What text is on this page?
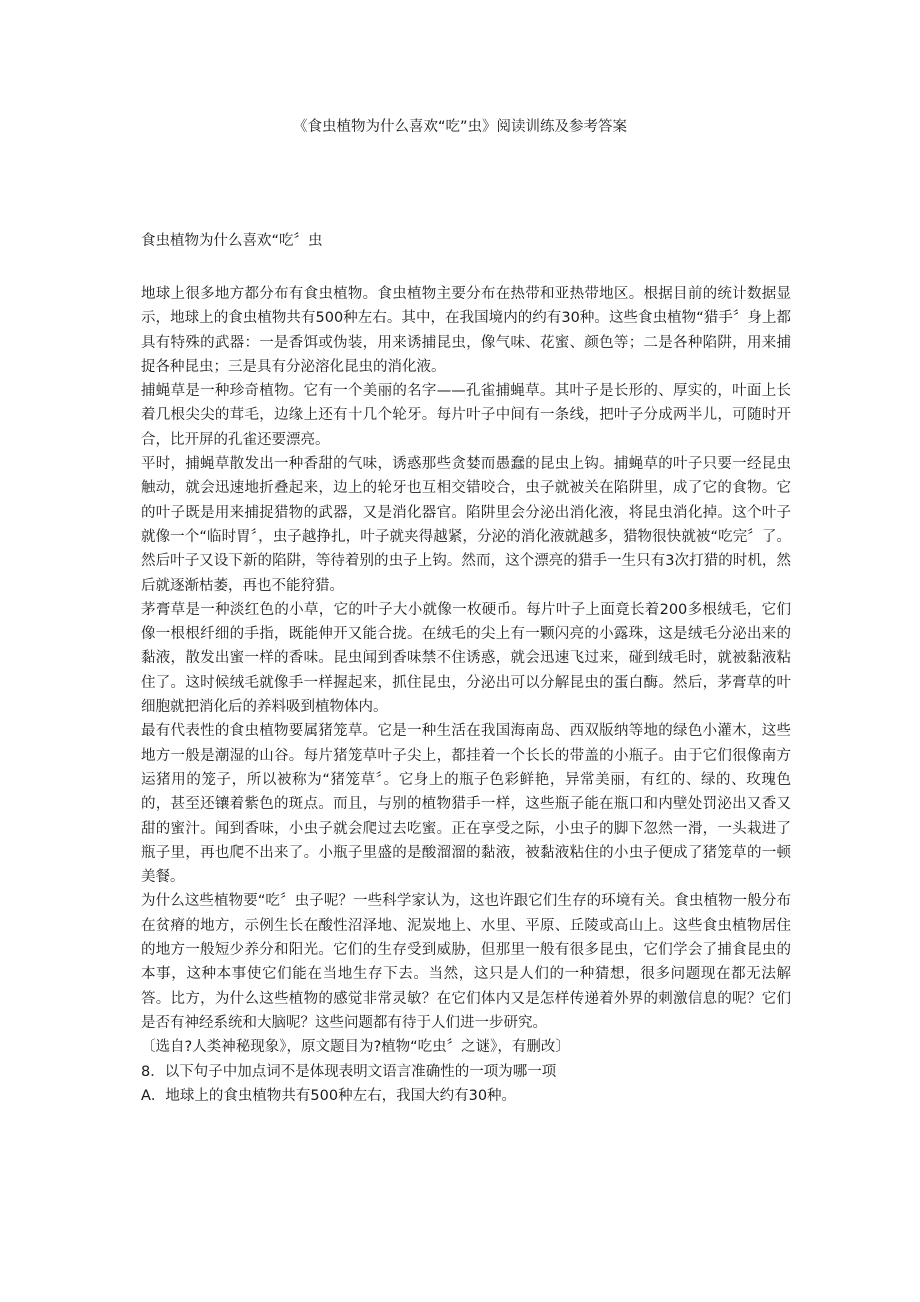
《食虫植物为什么喜欢“吃”虫》阅读训练及参考答案
食虫植物为什么喜欢“吃〞虫

地球上很多地方都分布有食虫植物。食虫植物主要分布在热带和亚热带地区。根据目前的统计数据显示，地球上的食虫植物共有500种左右。其中，在我国境内的约有30种。这些食虫植物“猎手〞身上都具有特殊的武器：一是香饵或伪装，用来诱捕昆虫，像气味、花蜜、颜色等；二是各种陷阱，用来捕捉各种昆虫；三是具有分泌溶化昆虫的消化液。

捕蝇草是一种珍奇植物。它有一个美丽的名字——孔雀捕蝇草。其叶子是长形的、厚实的，叶面上长着几根尖尖的茸毛，边缘上还有十几个轮牙。每片叶子中间有一条线，把叶子分成两半儿，可随时开合，比开屏的孔雀还要漂亮。

平时，捕蝇草散发出一种香甜的气味，诱惑那些贪婪而愚蠢的昆虫上钩。捕蝇草的叶子只要一经昆虫触动，就会迅速地折叠起来，边上的轮牙也互相交错咬合，虫子就被关在陷阱里，成了它的食物。它的叶子既是用来捕捉猎物的武器，又是消化器官。陷阱里会分泌出消化液，将昆虫消化掉。这个叶子就像一个“临时胃〞，虫子越挣扎，叶子就夹得越紧，分泌的消化液就越多，猎物很快就被“吃完〞了。然后叶子又设下新的陷阱，等待着别的虫子上钩。然而，这个漂亮的猎手一生只有3次打猎的时机，然后就逐渐枯萎，再也不能狩猎。

茅膏草是一种淡红色的小草，它的叶子大小就像一枚硬币。每片叶子上面竟长着200多根绒毛，它们像一根根纤细的手指，既能伸开又能合拢。在绒毛的尖上有一颗闪亮的小露珠，这是绒毛分泌出来的黏液，散发出蜜一样的香味。昆虫闻到香味禁不住诱惑，就会迅速飞过来，碰到绒毛时，就被黏液粘住了。这时候绒毛就像手一样握起来，抓住昆虫，分泌出可以分解昆虫的蛋白酶。然后，茅膏草的叶细胞就把消化后的养料吸到植物体内。

最有代表性的食虫植物要属猪笼草。它是一种生活在我国海南岛、西双版纳等地的绿色小灌木，这些地方一般是潮湿的山谷。每片猪笼草叶子尖上，都挂着一个长长的带盖的小瓶子。由于它们很像南方运猪用的笼子，所以被称为“猪笼草〞。它身上的瓶子色彩鲜艳，异常美丽，有红的、绿的、玫瑰色的，甚至还镶着紫色的斑点。而且，与别的植物猎手一样，这些瓶子能在瓶口和内壁处罚泌出又香又甜的蜜汁。闻到香味，小虫子就会爬过去吃蜜。正在享受之际，小虫子的脚下忽然一滑，一头栽进了瓶子里，再也爬不出来了。小瓶子里盛的是酸溜溜的黏液，被黏液粘住的小虫子便成了猪笼草的一顿美餐。

为什么这些植物要“吃〞虫子呢？一些科学家认为，这也许跟它们生存的环境有关。食虫植物一般分布在贫瘠的地方，示例生长在酸性沼泽地、泥炭地上、水里、平原、丘陵或高山上。这些食虫植物居住的地方一般短少养分和阳光。它们的生存受到威胁，但那里一般有很多昆虫，它们学会了捕食昆虫的本事，这种本事使它们能在当地生存下去。当然，这只是人们的一种猜想，很多问题现在都无法解答。比方，为什么这些植物的感觉非常灵敏？在它们体内又是怎样传递着外界的刺激信息的呢？它们是否有神经系统和大脑呢？这些问题都有待于人们进一步研究。

〔选自?人类神秘现象》，原文题目为?植物“吃虫〞之谜》，有删改〕

8．以下句子中加点词不是体现表明文语言准确性的一项为哪一项

A．地球上的食虫植物共有500种左右，我国大约有30种。
